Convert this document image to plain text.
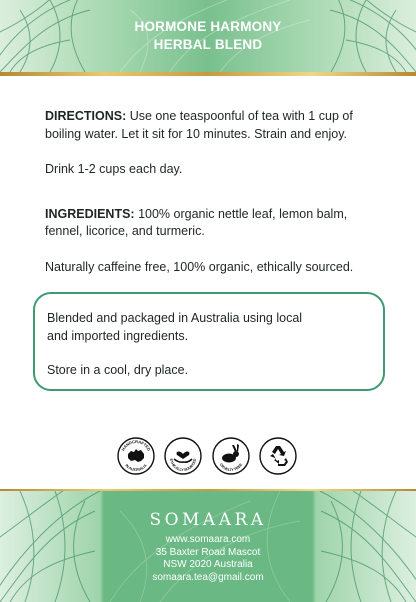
HORMONE HARMONY
HERBAL BLEND

DIRECTIONS: Use one teaspoonful of tea with 1 cup of boiling water. Let it sit for 10 minutes. Strain and enjoy.

Drink 1-2 cups each day.

INGREDIENTS: 100% organic nettle leaf, lemon balm, fennel, licorice, and turmeric.

Naturally caffeine free, 100% organic, ethically sourced.

Blended and packaged in Australia using local and imported ingredients.

Store in a cool, dry place.

HANDCRAFTED
IN AUSTRALIA
ETHICALLY SOURCED
CRUELTY FREE
SOMAARA
www.somaara.com
35 Baxter Road Mascot
NSW 2020 Australia
somaara.tea@gmail.com
